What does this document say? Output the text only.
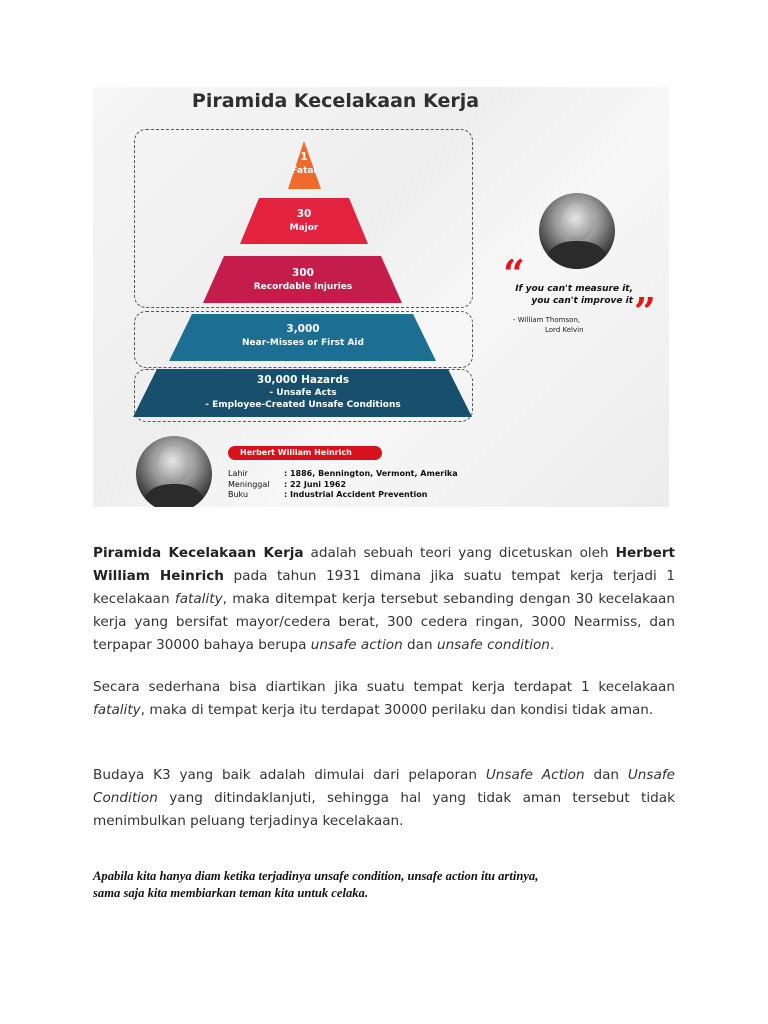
Piramida Kecelakaan Kerja
1
Fatal
30
Major
300
Recordable Injuries
3,000
Near-Misses or First Aid
30,000 Hazards
- Unsafe Acts
- Employee-Created Unsafe Conditions
“
If you can't measure it,
you can't improve it ”
- William Thomson,
Lord Kelvin
Herbert William Heinrich
Lahir	: 1886, Bennington, Vermont, Amerika
Meninggal	: 22 Juni 1962
Buku	: Industrial Accident Prevention
Piramida Kecelakaan Kerja adalah sebuah teori yang dicetuskan oleh Herbert William Heinrich pada tahun 1931 dimana jika suatu tempat kerja terjadi 1 kecelakaan fatality, maka ditempat kerja tersebut sebanding dengan 30 kecelakaan kerja yang bersifat mayor/cedera berat, 300 cedera ringan, 3000 Nearmiss, dan terpapar 30000 bahaya berupa unsafe action dan unsafe condition.
Secara sederhana bisa diartikan jika suatu tempat kerja terdapat 1 kecelakaan fatality, maka di tempat kerja itu terdapat 30000 perilaku dan kondisi tidak aman.
Budaya K3 yang baik adalah dimulai dari pelaporan Unsafe Action dan Unsafe Condition yang ditindaklanjuti, sehingga hal yang tidak aman tersebut tidak menimbulkan peluang terjadinya kecelakaan.
Apabila kita hanya diam ketika terjadinya unsafe condition, unsafe action itu artinya,
sama saja kita membiarkan teman kita untuk celaka.
